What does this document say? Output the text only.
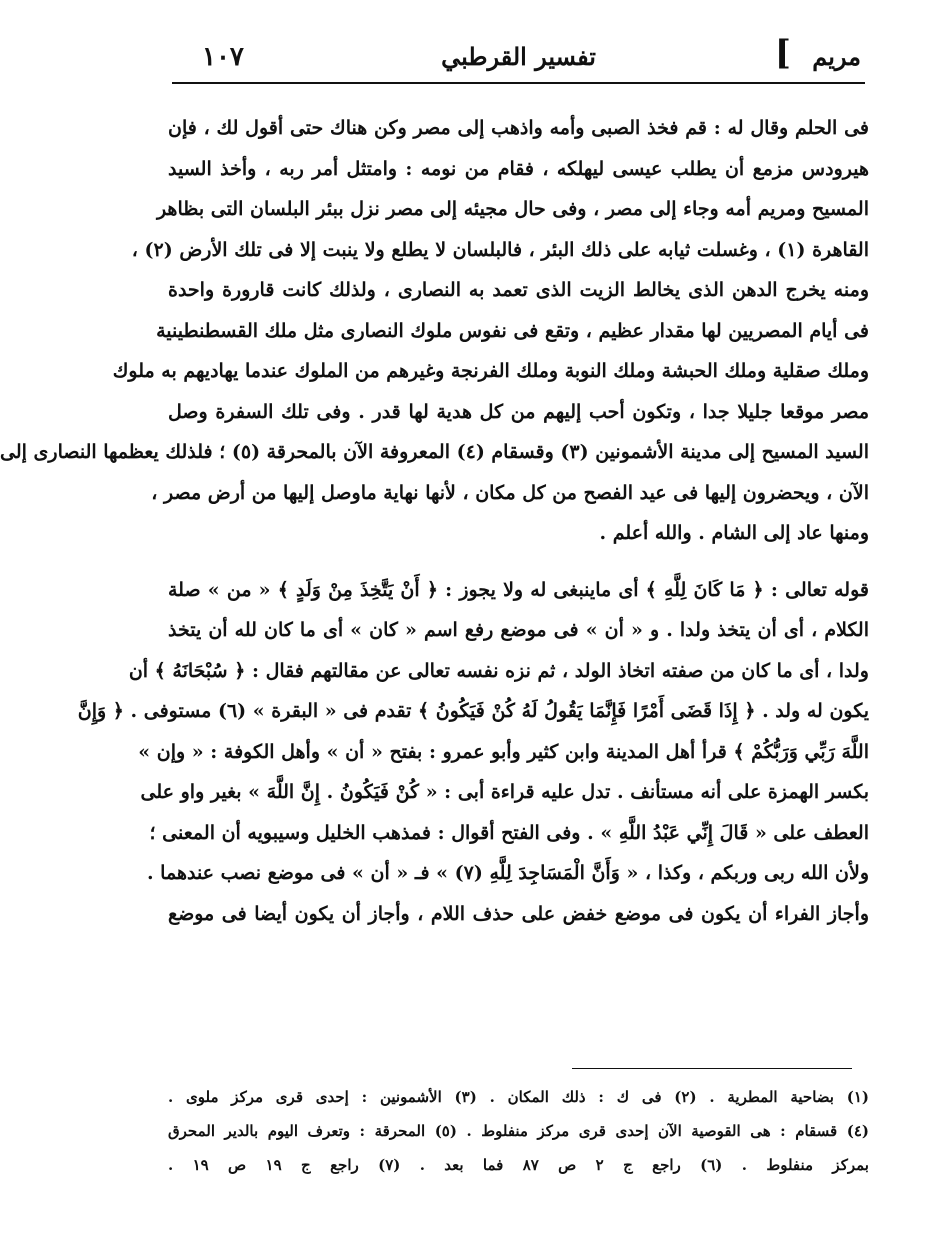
مريم
]
تفسير القرطبي
١٠٧
فى الحلم وقال له : قم فخذ الصبى وأمه واذهب إلى مصر وكن هناك حتى أقول لك ، فإن
هيرودس مزمع أن يطلب عيسى ليهلكه ، فقام من نومه : وامتثل أمر ربه ، وأخذ السيد
المسيح ومريم أمه وجاء إلى مصر ، وفى حال مجيئه إلى مصر نزل ببئر البلسان التى بظاهر
القاهرة (١) ، وغسلت ثيابه على ذلك البئر ، فالبلسان لا يطلع ولا ينبت إلا فى تلك الأرض (٢) ،
ومنه يخرج الدهن الذى يخالط الزيت الذى تعمد به النصارى ، ولذلك كانت قارورة واحدة
فى أيام المصريين لها مقدار عظيم ، وتقع فى نفوس ملوك النصارى مثل ملك القسطنطينية
وملك صقلية وملك الحبشة وملك النوبة وملك الفرنجة وغيرهم من الملوك عندما يهاديهم به ملوك
مصر موقعا جليلا جدا ، وتكون أحب إليهم من كل هدية لها قدر . وفى تلك السفرة وصل
السيد المسيح إلى مدينة الأشمونين (٣) وقسقام (٤) المعروفة الآن بالمحرقة (٥) ؛ فلذلك يعظمها النصارى إلى
الآن ، ويحضرون إليها فى عيد الفصح من كل مكان ، لأنها نهاية ماوصل إليها من أرض مصر ،
ومنها عاد إلى الشام . والله أعلم .
قوله تعالى : ﴿ مَا كَانَ لِلَّهِ ﴾ أى ماينبغى له ولا يجوز : ﴿ أَنْ يَتَّخِذَ مِنْ وَلَدٍ ﴾ « من » صلة
الكلام ، أى أن يتخذ ولدا . و « أن » فى موضع رفع اسم « كان » أى ما كان لله أن يتخذ
ولدا ، أى ما كان من صفته اتخاذ الولد ، ثم نزه نفسه تعالى عن مقالتهم فقال : ﴿ سُبْحَانَهُ ﴾ أن
يكون له ولد . ﴿ إِذَا قَضَى أَمْرًا فَإِنَّمَا يَقُولُ لَهُ كُنْ فَيَكُونُ ﴾ تقدم فى « البقرة » (٦) مستوفى . ﴿ وَإِنَّ
اللَّهَ رَبِّي وَرَبُّكُمْ ﴾ قرأ أهل المدينة وابن كثير وأبو عمرو : بفتح « أن » وأهل الكوفة : « وإن »
بكسر الهمزة على أنه مستأنف . تدل عليه قراءة أبى : « كُنْ فَيَكُونُ . إِنَّ اللَّهَ » بغير واو على
العطف على « قَالَ إِنِّي عَبْدُ اللَّهِ » . وفى الفتح أقوال : فمذهب الخليل وسيبويه أن المعنى ؛
ولأن الله ربى وربكم ، وكذا ، « وَأَنَّ الْمَسَاجِدَ لِلَّهِ (٧) » فـ « أن » فى موضع نصب عندهما .
وأجاز الفراء أن يكون فى موضع خفض على حذف اللام ، وأجاز أن يكون أيضا فى موضع
(١) بضاحية المطرية . (٢) فى ك : ذلك المكان . (٣) الأشمونين : إحدى قرى مركز ملوى .
(٤) قسقام : هى القوصية الآن إحدى قرى مركز منفلوط . (٥) المحرقة : وتعرف اليوم بالدير المحرق
بمركز منفلوط . (٦) راجع ج ٢ ص ٨٧ فما بعد . (٧) راجع ج ١٩ ص ١٩ .
